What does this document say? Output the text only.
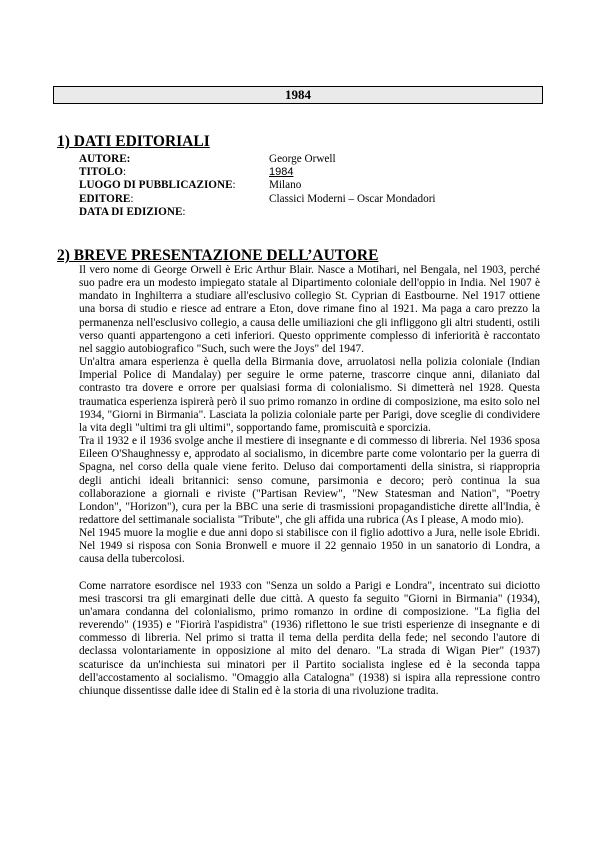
1984
1) DATI EDITORIALI
AUTORE:	George Orwell
TITOLO:	1984
LUOGO DI PUBBLICAZIONE:	Milano
EDITORE:	Classici Moderni – Oscar Mondadori
DATA DI EDIZIONE:
2) BREVE PRESENTAZIONE DELL’AUTORE

Il vero nome di George Orwell è Eric Arthur Blair. Nasce a Motihari, nel Bengala, nel 1903, perché suo padre era un modesto impiegato statale al Dipartimento coloniale dell'oppio in India. Nel 1907 è mandato in Inghilterra a studiare all'esclusivo collegio St. Cyprian di Eastbourne. Nel 1917 ottiene una borsa di studio e riesce ad entrare a Eton, dove rimane fino al 1921. Ma paga a caro prezzo la permanenza nell'esclusivo collegio, a causa delle umiliazioni che gli infliggono gli altri studenti, ostili verso quanti appartengono a ceti inferiori. Questo opprimente complesso di inferiorità è raccontato nel saggio autobiografico "Such, such were the Joys" del 1947.

Un'altra amara esperienza è quella della Birmania dove, arruolatosi nella polizia coloniale (Indian Imperial Police di Mandalay) per seguire le orme paterne, trascorre cinque anni, dilaniato dal contrasto tra dovere e orrore per qualsiasi forma di colonialismo. Si dimetterà nel 1928. Questa traumatica esperienza ispirerà però il suo primo romanzo in ordine di composizione, ma esito solo nel 1934, "Giorni in Birmania". Lasciata la polizia coloniale parte per Parigi, dove sceglie di condividere la vita degli "ultimi tra gli ultimi", sopportando fame, promiscuità e sporcizia.

Tra il 1932 e il 1936 svolge anche il mestiere di insegnante e di commesso di libreria. Nel 1936 sposa Eileen O'Shaughnessy e, approdato al socialismo, in dicembre parte come volontario per la guerra di Spagna, nel corso della quale viene ferito. Deluso dai comportamenti della sinistra, si riappropria degli antichi ideali britannici: senso comune, parsimonia e decoro; però continua la sua collaborazione a giornali e riviste ("Partisan Review", "New Statesman and Nation", "Poetry London", "Horizon"), cura per la BBC una serie di trasmissioni propagandistiche dirette all'India, è redattore del settimanale socialista "Tribute", che gli affida una rubrica (As I please, A modo mio).

Nel 1945 muore la moglie e due anni dopo si stabilisce con il figlio adottivo a Jura, nelle isole Ebridi. Nel 1949 si risposa con Sonia Bronwell e muore il 22 gennaio 1950 in un sanatorio di Londra, a causa della tubercolosi.

Come narratore esordisce nel 1933 con "Senza un soldo a Parigi e Londra", incentrato sui diciotto mesi trascorsi tra gli emarginati delle due città. A questo fa seguito "Giorni in Birmania" (1934), un'amara condanna del colonialismo, primo romanzo in ordine di composizione. "La figlia del reverendo" (1935) e "Fiorirà l'aspidistra" (1936) riflettono le sue tristi esperienze di insegnante e di commesso di libreria. Nel primo si tratta il tema della perdita della fede; nel secondo l'autore di declassa volontariamente in opposizione al mito del denaro. "La strada di Wigan Pier" (1937) scaturisce da un'inchiesta sui minatori per il Partito socialista inglese ed è la seconda tappa dell'accostamento al socialismo. "Omaggio alla Catalogna" (1938) si ispira alla repressione contro chiunque dissentisse dalle idee di Stalin ed è la storia di una rivoluzione tradita.
